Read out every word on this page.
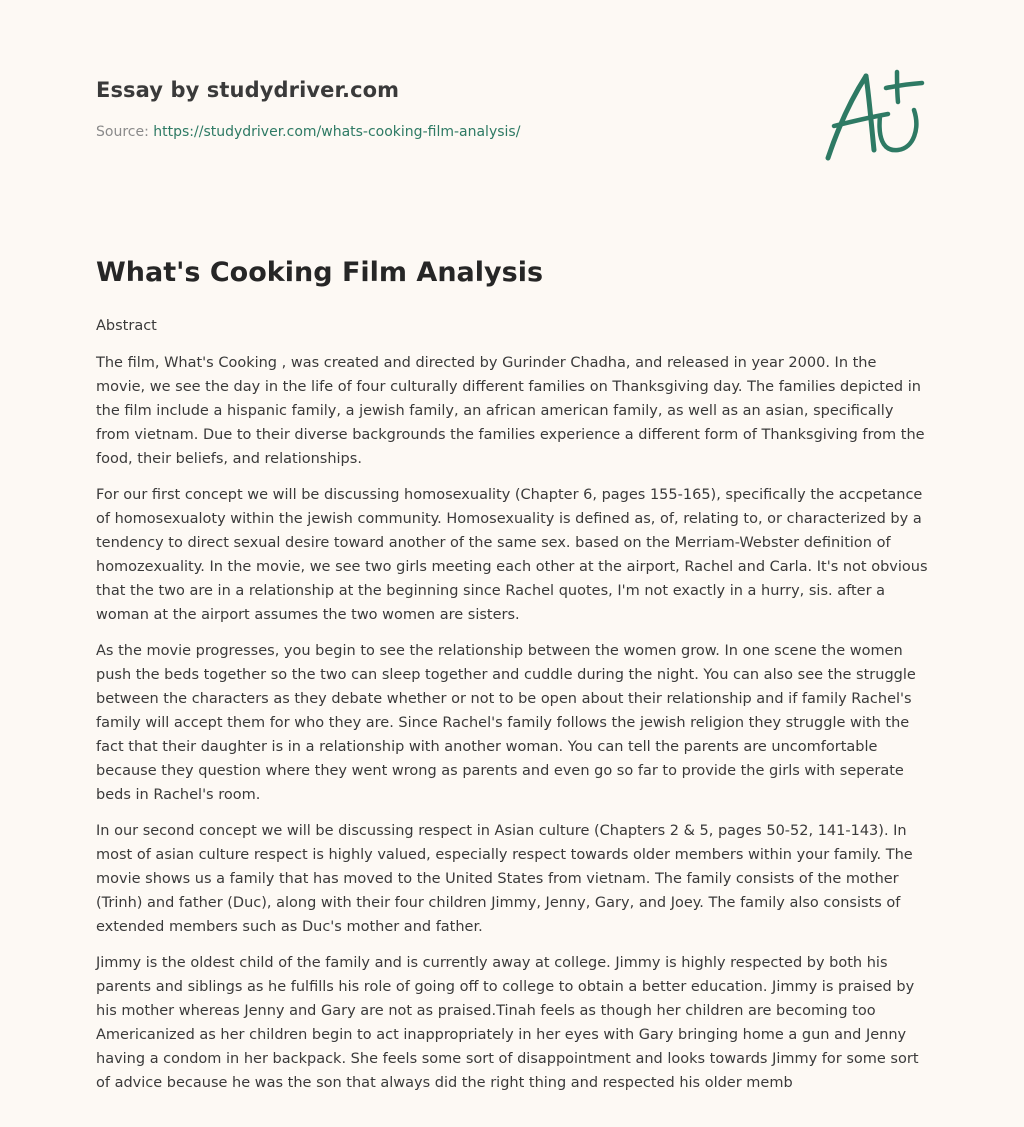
Essay by studydriver.com
Source: https://studydriver.com/whats-cooking-film-analysis/
What's Cooking Film Analysis

Abstract

The film, What's Cooking , was created and directed by Gurinder Chadha, and released in year 2000. In the movie, we see the day in the life of four culturally different families on Thanksgiving day. The families depicted in the film include a hispanic family, a jewish family, an african american family, as well as an asian, specifically from vietnam. Due to their diverse backgrounds the families experience a different form of Thanksgiving from the food, their beliefs, and relationships.

For our first concept we will be discussing homosexuality (Chapter 6, pages 155-165), specifically the accpetance of homosexualoty within the jewish community. Homosexuality is defined as, of, relating to, or characterized by a tendency to direct sexual desire toward another of the same sex. based on the Merriam-Webster definition of homozexuality. In the movie, we see two girls meeting each other at the airport, Rachel and Carla. It's not obvious that the two are in a relationship at the beginning since Rachel quotes, I'm not exactly in a hurry, sis. after a woman at the airport assumes the two women are sisters.

As the movie progresses, you begin to see the relationship between the women grow. In one scene the women push the beds together so the two can sleep together and cuddle during the night. You can also see the struggle between the characters as they debate whether or not to be open about their relationship and if family Rachel's family will accept them for who they are. Since Rachel's family follows the jewish religion they struggle with the fact that their daughter is in a relationship with another woman. You can tell the parents are uncomfortable because they question where they went wrong as parents and even go so far to provide the girls with seperate beds in Rachel's room.

In our second concept we will be discussing respect in Asian culture (Chapters 2 & 5, pages 50-52, 141-143). In most of asian culture respect is highly valued, especially respect towards older members within your family. The movie shows us a family that has moved to the United States from vietnam. The family consists of the mother (Trinh) and father (Duc), along with their four children Jimmy, Jenny, Gary, and Joey. The family also consists of extended members such as Duc's mother and father.

Jimmy is the oldest child of the family and is currently away at college. Jimmy is highly respected by both his parents and siblings as he fulfills his role of going off to college to obtain a better education. Jimmy is praised by his mother whereas Jenny and Gary are not as praised.Tinah feels as though her children are becoming too Americanized as her children begin to act inappropriately in her eyes with Gary bringing home a gun and Jenny having a condom in her backpack. She feels some sort of disappointment and looks towards Jimmy for some sort of advice because he was the son that always did the right thing and respected his older memb
